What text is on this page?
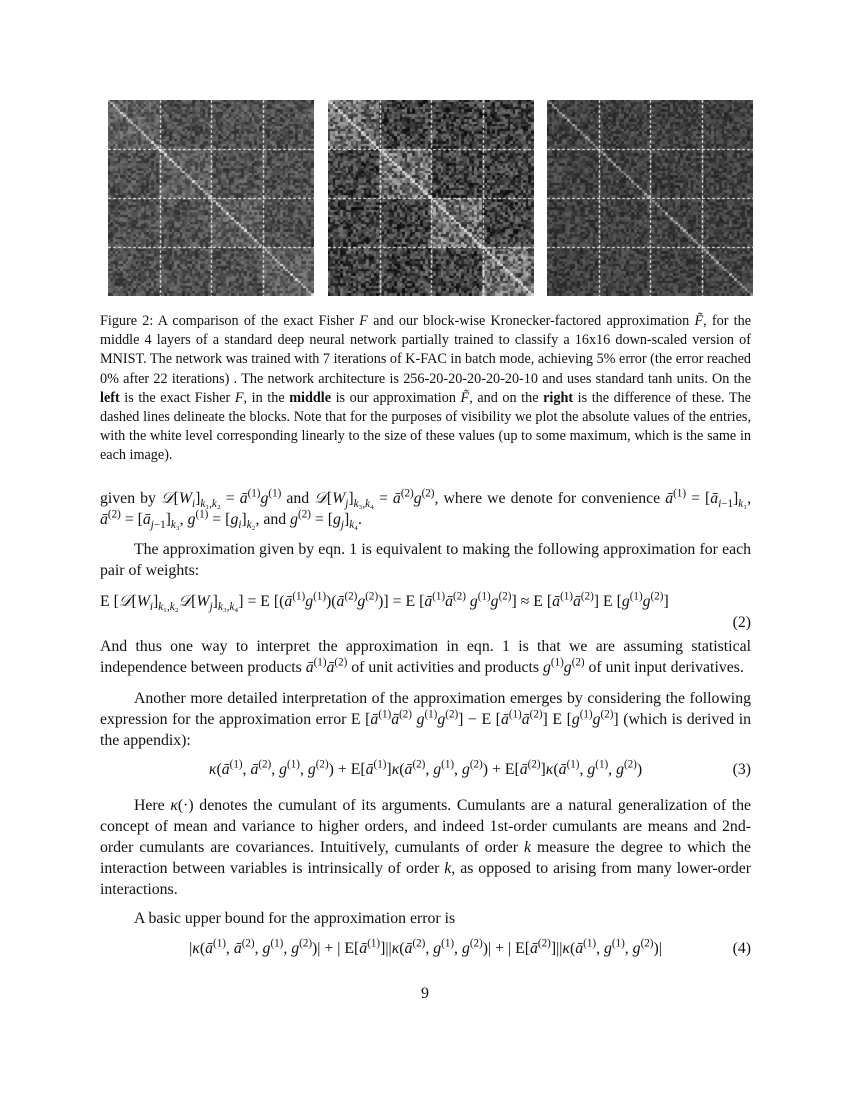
Figure 2: A comparison of the exact Fisher F and our block-wise Kronecker-factored approximation F̃, for the middle 4 layers of a standard deep neural network partially trained to classify a 16x16 down-scaled version of MNIST. The network was trained with 7 iterations of K-FAC in batch mode, achieving 5% error (the error reached 0% after 22 iterations) . The network architecture is 256-20-20-20-20-20-10 and uses standard tanh units. On the left is the exact Fisher F, in the middle is our approximation F̃, and on the right is the difference of these. The dashed lines delineate the blocks. Note that for the purposes of visibility we plot the absolute values of the entries, with the white level corresponding linearly to the size of these values (up to some maximum, which is the same in each image).
given by $𝒟[W_i]_{k_1,k_2}$ = $ā^{(1)}g^{(1)}$ and $𝒟[W_j]_{k_3,k_4}$ = $ā^{(2)}g^{(2)}$, where we denote for convenience $ā^{(1)}$ = $[ā_{i-1}]_{k_1}$, $ā^{(2)}$ = $[ā_{j-1}]_{k_3}$, $g^{(1)} = [g_i]_{k_2}$, and $g^{(2)} = [g_j]_{k_4}$.
The approximation given by eqn. 1 is equivalent to making the following approximation for each pair of weights:
E $[𝒟[W_i]_{k_1,k_2}𝒟[W_j]_{k_3,k_4}] = E$ $[(ā^{(1)}g^{(1)})(ā^{(2)}g^{(2)})] = E$ [$ā^{(1)}ā^{(2)}$ $g^{(1)}g^{(2)}] \approx E$ $[ā^{(1)}ā^{(2)}]$ E $[g^{(1)}g^{(2)}]$
(2)
And thus one way to interpret the approximation in eqn. 1 is that we are assuming statistical independence between products $ā^{(1)}ā^{(2)}$ of unit activities and products $g^{(1)}g^{(2)}$ of unit input derivatives.
Another more detailed interpretation of the approximation emerges by considering the following expression for the approximation error E [$ā^{(1)}ā^{(2)}$ $g^{(1)}g^{(2)}] - E$ $[ā^{(1)}ā^{(2)}]$ E $[g^{(1)}g^{(2)}]$ (which is derived in the appendix):
$\kappa(ā^{(1)}$, $ā^{(2)}$, $g^{(1)}$, $g^{(2)}$) + $E[ā^{(1)}]\kappa(ā^{(2)}$, $g^{(1)}$, $g^{(2)}$) + $E[ā^{(2)}]\kappa(ā^{(1)}$, $g^{(1)}$, $g^{(2)}$)	(3)
Here κ(·) denotes the cumulant of its arguments. Cumulants are a natural generalization of the concept of mean and variance to higher orders, and indeed 1st-order cumulants are means and 2nd-order cumulants are covariances. Intuitively, cumulants of order k measure the degree to which the interaction between variables is intrinsically of order k, as opposed to arising from many lower-order interactions.
A basic upper bound for the approximation error is
$|\kappa(ā^{(1)}$, $ā^{(2)}$, $g^{(1)}$, $g^{(2)})|$ + | $E[ā^{(1)}]||\kappa(ā^{(2)}$, $g^{(1)}$, $g^{(2)})|$ + | $E[ā^{(2)}]||\kappa(ā^{(1)}$, $g^{(1)}$, $g^{(2)})|$	(4)
9
